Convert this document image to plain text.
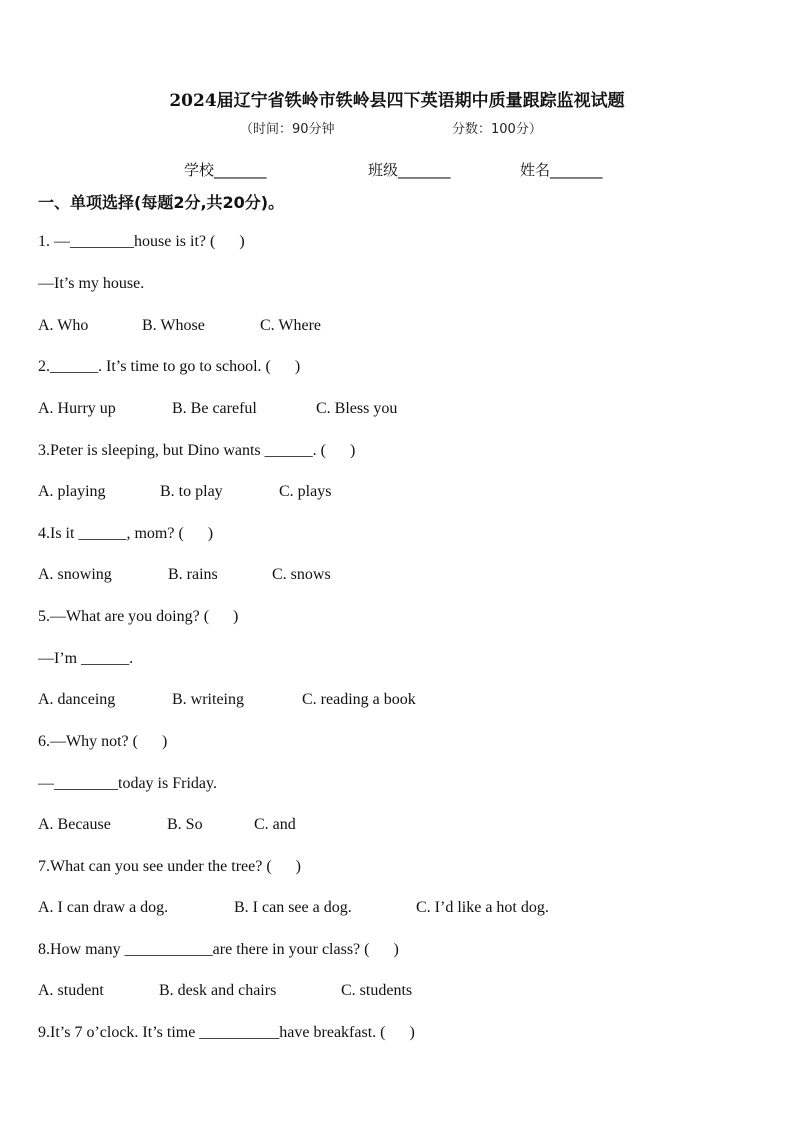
2024届辽宁省铁岭市铁岭县四下英语期中质量跟踪监视试题
（时间：90分钟	分数：100分）
学校_______	班级_______	姓名_______
一、单项选择(每题2分,共20分)。
1. —________house is it? (      )
—It’s my house.
A. Who	B. Whose	C. Where
2.______. It’s time to go to school. (      )
A. Hurry up	B. Be careful	C. Bless you
3.Peter is sleeping, but Dino wants ______. (      )
A. playing	B. to play	C. plays
4.Is it ______, mom? (      )
A. snowing	B. rains	C. snows
5.—What are you doing? (      )
—I’m ______.
A. danceing	B. writeing	C. reading a book
6.—Why not? (      )
—________today is Friday.
A. Because	B. So	C. and
7.What can you see under the tree? (      )
A. I can draw a dog.	B. I can see a dog.	C. I’d like a hot dog.
8.How many ___________are there in your class? (      )
A. student	B. desk and chairs	C. students
9.It’s 7 o’clock. It’s time __________have breakfast. (      )
